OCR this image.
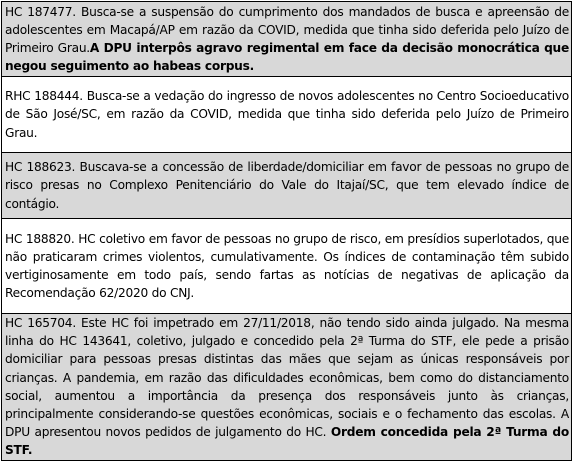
HC 187477. Busca-se a suspensão do cumprimento dos mandados de busca e apreensão de adolescentes em Macapá/AP em razão da COVID, medida que tinha sido deferida pelo Juízo de Primeiro Grau.A DPU interpôs agravo regimental em face da decisão monocrática que negou seguimento ao habeas corpus.
RHC 188444. Busca-se a vedação do ingresso de novos adolescentes no Centro Socioeducativo de São José/SC, em razão da COVID, medida que tinha sido deferida pelo Juízo de Primeiro Grau.
HC 188623. Buscava-se a concessão de liberdade/domiciliar em favor de pessoas no grupo de risco presas no Complexo Penitenciário do Vale do Itajaí/SC, que tem elevado índice de contágio.
HC 188820. HC coletivo em favor de pessoas no grupo de risco, em presídios superlotados, que não praticaram crimes violentos, cumulativamente. Os índices de contaminação têm subido vertiginosamente em todo país, sendo fartas as notícias de negativas de aplicação da Recomendação 62/2020 do CNJ.
HC 165704. Este HC foi impetrado em 27/11/2018, não tendo sido ainda julgado. Na mesma linha do HC 143641, coletivo, julgado e concedido pela 2ª Turma do STF, ele pede a prisão domiciliar para pessoas presas distintas das mães que sejam as únicas responsáveis por crianças. A pandemia, em razão das dificuldades econômicas, bem como do distanciamento social, aumentou a importância da presença dos responsáveis junto às crianças, principalmente considerando-se questões econômicas, sociais e o fechamento das escolas. A DPU apresentou novos pedidos de julgamento do HC. Ordem concedida pela 2ª Turma do STF.
